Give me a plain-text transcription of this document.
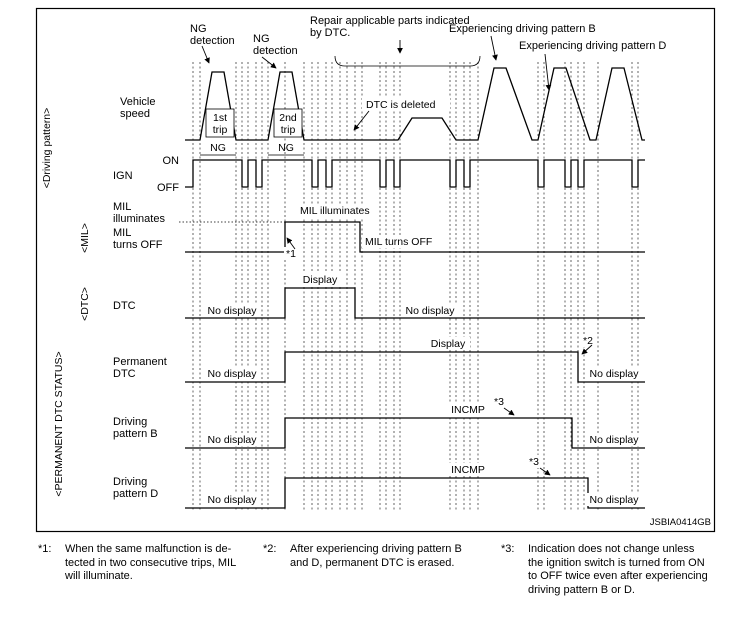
NG
detection NG
detection
Repair applicable parts indicated
by DTC.	Experiencing driving pattern B
Experiencing driving pattern D
<Driving pattern>
<MIL>
<DTC>
<PERMANENT DTC STATUS>
Vehicle
speed
IGN
ON
OFF
MIL
illuminates
MIL
turns OFF
DTC
Permanent
DTC
Driving
pattern B
Driving
pattern D
1st
trip
2nd
trip
NG	NG
DTC is deleted
MIL illuminates
*1
MIL turns OFF
Display
No display	No display
Display
No display	No display
*2
INCMP
*3
No display	No display
INCMP
*3
No display	No display
JSBIA0414GB
*1:	When the same malfunction is de-
tected in two consecutive trips, MIL
will illuminate.
*2:	After experiencing driving pattern B
and D, permanent DTC is erased.
*3:	Indication does not change unless
the ignition switch is turned from ON
to OFF twice even after experiencing
driving pattern B or D.
